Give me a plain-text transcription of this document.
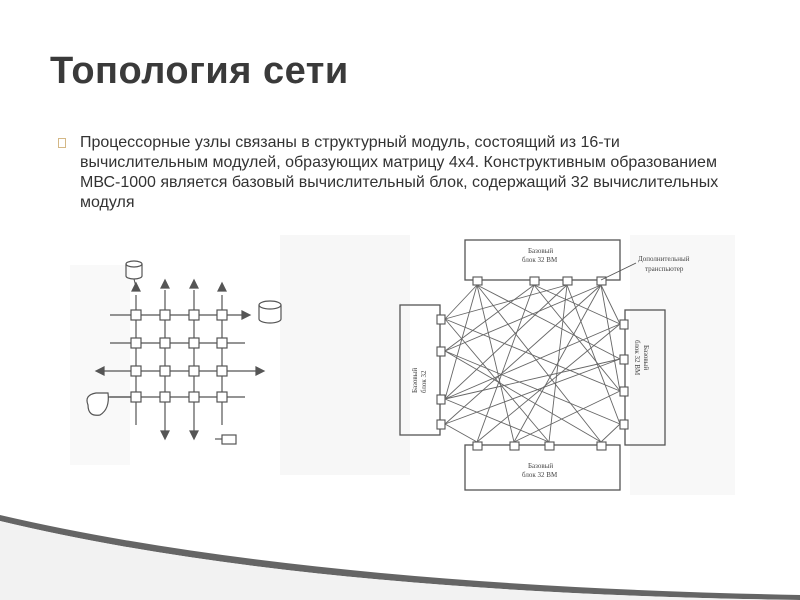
Топология сети
Процессорные узлы связаны в структурный модуль, состоящий из 16-ти вычислительным модулей, образующих матрицу 4х4. Конструктивным образованием МВС-1000 является базовый вычислительный блок, содержащий 32 вычислительных модуля
Базовый
блок 32 ВМ
Базовый
блок 32 ВМ
Базовый блок 32
Базовый
блок 32 ВМ
Дополнительный
транспьютер
